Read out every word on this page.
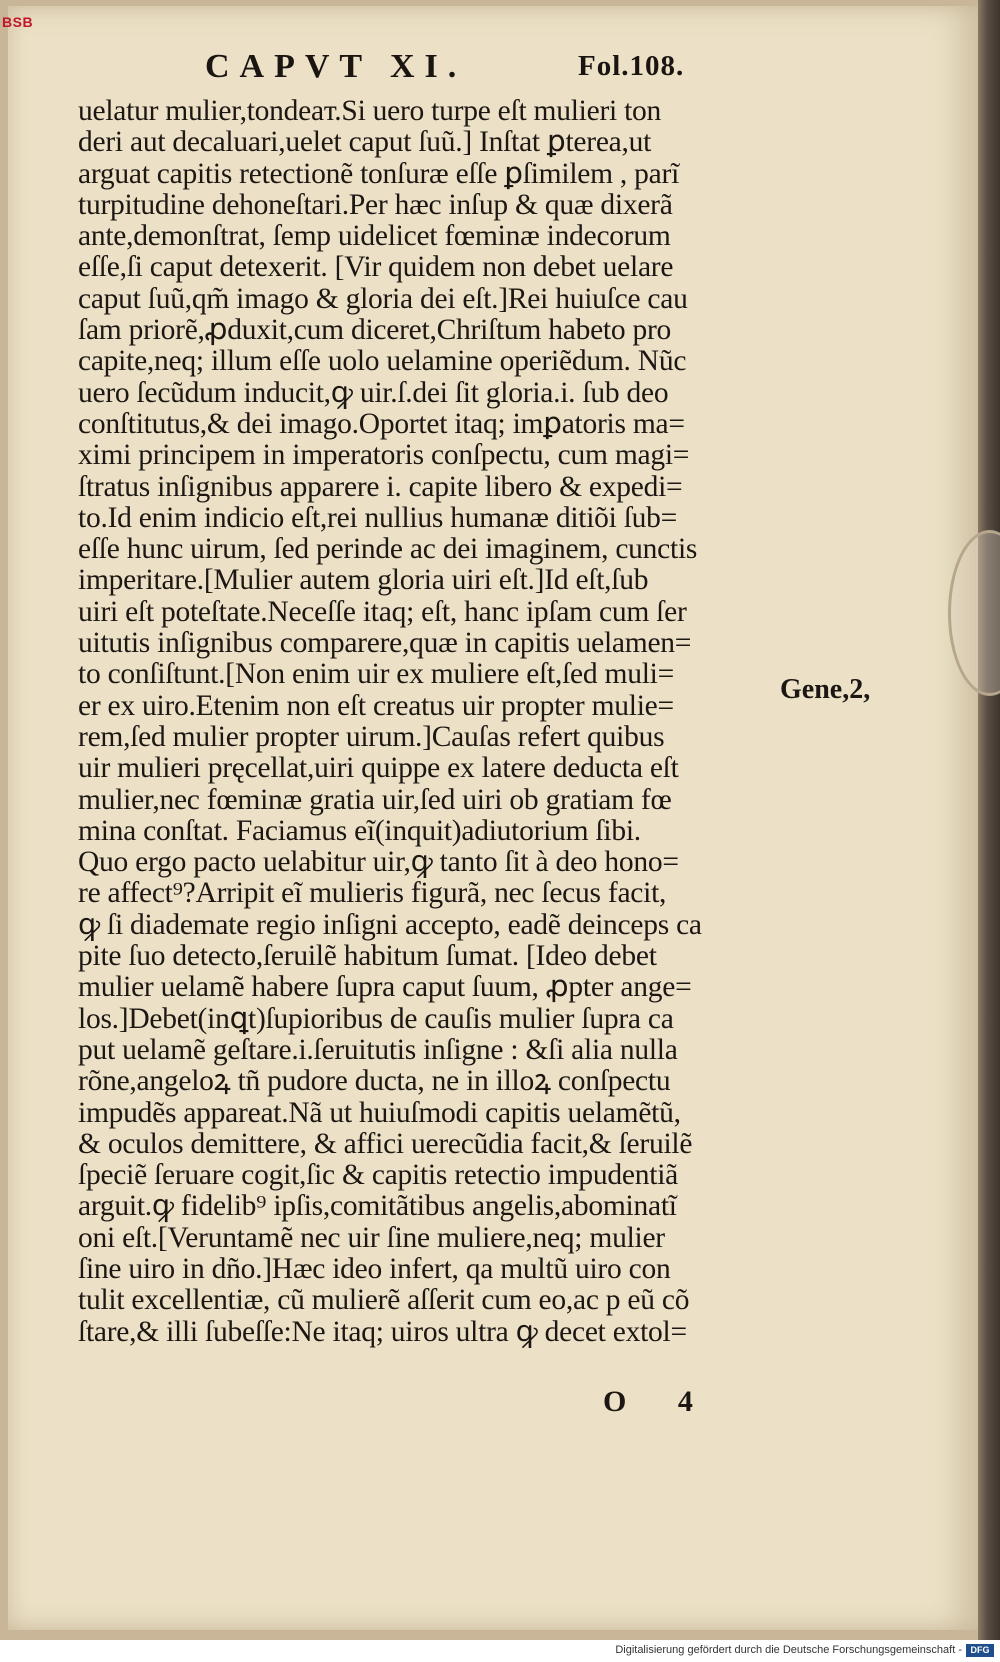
BSB
CAPVT XI.	Fol.108.
uelatur mulier,tondeaт.Si uero turpe eſt mulieri ton
deri aut decaluari,uelet caput ſuũ.] Inſtat ꝑterea,ut
arguat capitis retectionẽ tonſuræ eſſe ꝑſimilem , parĩ
turpitudine dehoneſtari.Per hæc inſup & quæ dixerã
ante,demonſtrat, ſemp uidelicet fœminæ indecorum
eſſe,ſi caput detexerit. [Vir quidem non debet uelare
caput ſuũ,qm̃ imago & gloria dei eſt.]Rei huiuſce cau
ſam priorẽ,ꝓduxit,cum diceret,Chriſtum habeto pro
capite,neq; illum eſſe uolo uelamine operiẽdum. Nũc
uero ſecũdum inducit,ꝙ uir.ſ.dei ſit gloria.i. ſub deo
conſtitutus,& dei imago.Oportet itaq; imꝑatoris ma=
ximi principem in imperatoris conſpectu, cum magi=
ſtratus inſignibus apparere i. capite libero & expedi=
to.Id enim indicio eſt,rei nullius humanæ ditiõi ſub=
eſſe hunc uirum, ſed perinde ac dei imaginem, cunctis
imperitare.[Mulier autem gloria uiri eſt.]Id eſt,ſub
uiri eſt poteſtate.Neceſſe itaq; eſt, hanc ipſam cum ſer
uitutis inſignibus comparere,quæ in capitis uelamen=
to conſiſtunt.[Non enim uir ex muliere eſt,ſed muli=
er ex uiro.Etenim non eſt creatus uir propter mulie=
rem,ſed mulier propter uirum.]Cauſas refert quibus
uir mulieri pręcellat,uiri quippe ex latere deducta eſt
mulier,nec fœminæ gratia uir,ſed uiri ob gratiam fœ
mina conſtat. Faciamus eĩ(inquit)adiutorium ſibi.
Quo ergo pacto uelabitur uir,ꝙ tanto ſit à deo hono=
re affect⁹?Arripit eĩ mulieris figurã, nec ſecus facit,
ꝙ ſi diademate regio inſigni accepto, eadẽ deinceps ca
pite ſuo detecto,ſeruilẽ habitum ſumat. [Ideo debet
mulier uelamẽ habere ſupra caput ſuum, ꝓpter ange=
los.]Debet(inꝗt)ſupioribus de cauſis mulier ſupra ca
put uelamẽ geſtare.i.ſeruitutis inſigne : &ſi alia nulla
rõne,angeloꝝ tñ pudore ducta, ne in illoꝝ conſpectu
impudẽs appareat.Nã ut huiuſmodi capitis uelamẽtũ,
& oculos demittere, & affici uerecũdia facit,& ſeruilẽ
ſpeciẽ ſeruare cogit,ſic & capitis retectio impudentiã
arguit.ꝙ fidelib⁹ ipſis,comitãtibus angelis,abominatĩ
oni eſt.[Veruntamẽ nec uir ſine muliere,neq; mulier
ſine uiro in dño.]Hæc ideo infert, qa multũ uiro con
tulit excellentiæ, cũ mulierẽ aſſerit cum eo,ac p eũ cõ
ſtare,& illi ſubeſſe:Ne itaq; uiros ultra ꝙ decet extol=
Gene,2,
O 4
Digitalisierung gefördert durch die Deutsche Forschungsgemeinschaft - DFG
